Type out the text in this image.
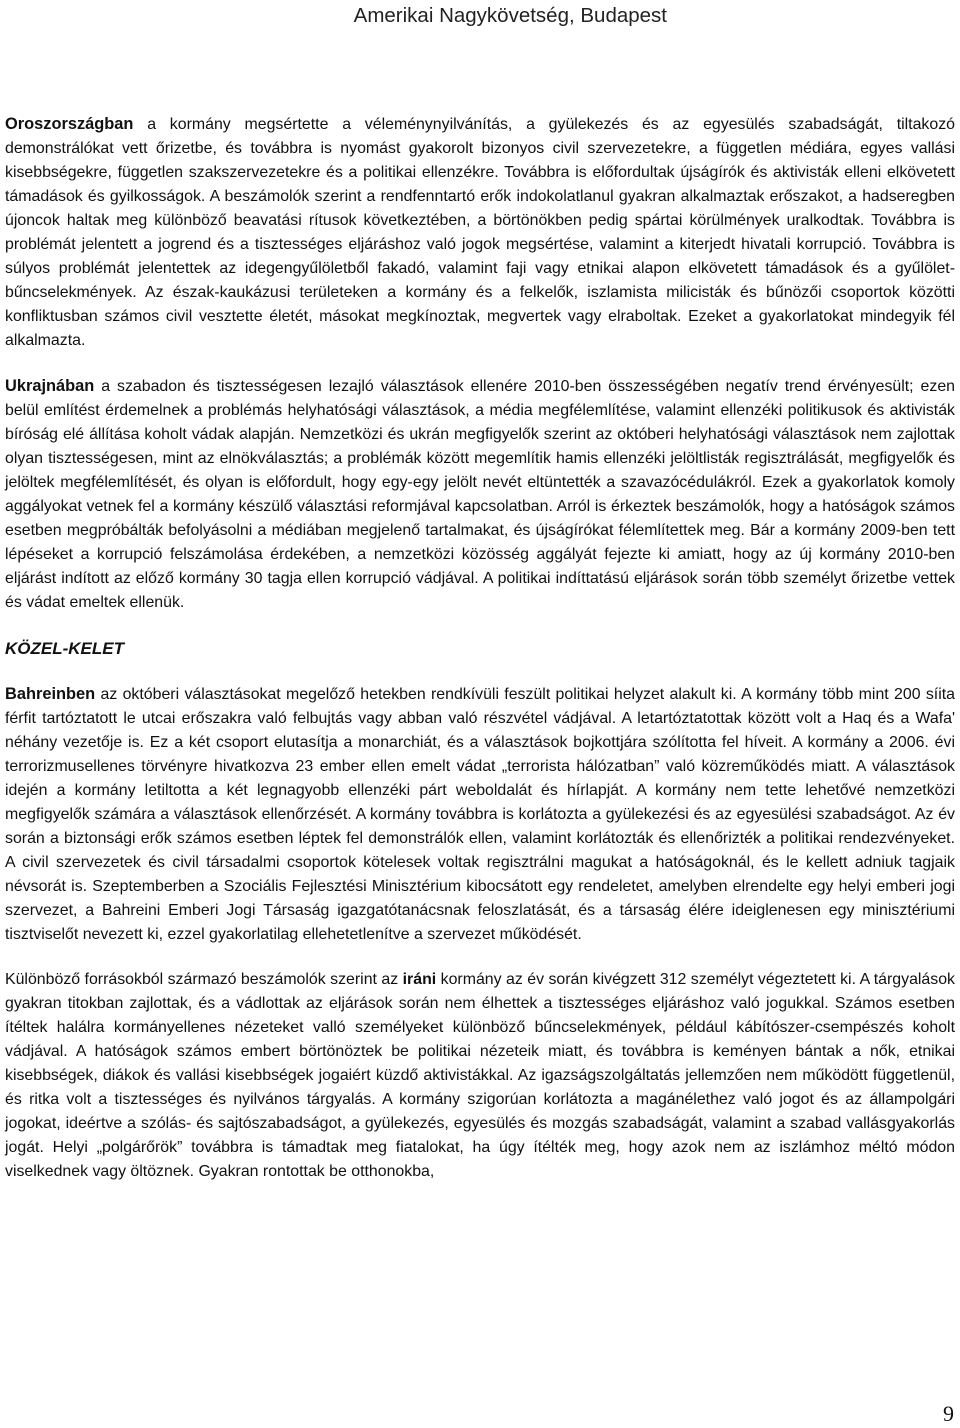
Amerikai Nagykövetség, Budapest

Oroszországban a kormány megsértette a véleménynyilvánítás, a gyülekezés és az egyesülés szabadságát, tiltakozó demonstrálókat vett őrizetbe, és továbbra is nyomást gyakorolt bizonyos civil szervezetekre, a független médiára, egyes vallási kisebbségekre, független szakszervezetekre és a politikai ellenzékre. Továbbra is előfordultak újságírók és aktivisták elleni elkövetett támadások és gyilkosságok. A beszámolók szerint a rendfenntartó erők indokolatlanul gyakran alkalmaztak erőszakot, a hadseregben újoncok haltak meg különböző beavatási rítusok következtében, a börtönökben pedig spártai körülmények uralkodtak. Továbbra is problémát jelentett a jogrend és a tisztességes eljáráshoz való jogok megsértése, valamint a kiterjedt hivatali korrupció. Továbbra is súlyos problémát jelentettek az idegengyűlöletből fakadó, valamint faji vagy etnikai alapon elkövetett támadások és a gyűlölet-bűncselekmények. Az észak-kaukázusi területeken a kormány és a felkelők, iszlamista milicisták és bűnözői csoportok közötti konfliktusban számos civil vesztette életét, másokat megkínoztak, megvertek vagy elraboltak. Ezeket a gyakorlatokat mindegyik fél alkalmazta.

Ukrajnában a szabadon és tisztességesen lezajló választások ellenére 2010-ben összességében negatív trend érvényesült; ezen belül említést érdemelnek a problémás helyhatósági választások, a média megfélemlítése, valamint ellenzéki politikusok és aktivisták bíróság elé állítása koholt vádak alapján. Nemzetközi és ukrán megfigyelők szerint az októberi helyhatósági választások nem zajlottak olyan tisztességesen, mint az elnökválasztás; a problémák között megemlítik hamis ellenzéki jelöltlisták regisztrálását, megfigyelők és jelöltek megfélemlítését, és olyan is előfordult, hogy egy-egy jelölt nevét eltüntették a szavazócédulákról. Ezek a gyakorlatok komoly aggályokat vetnek fel a kormány készülő választási reformjával kapcsolatban. Arról is érkeztek beszámolók, hogy a hatóságok számos esetben megpróbálták befolyásolni a médiában megjelenő tartalmakat, és újságírókat félemlítettek meg. Bár a kormány 2009-ben tett lépéseket a korrupció felszámolása érdekében, a nemzetközi közösség aggályát fejezte ki amiatt, hogy az új kormány 2010-ben eljárást indított az előző kormány 30 tagja ellen korrupció vádjával. A politikai indíttatású eljárások során több személyt őrizetbe vettek és vádat emeltek ellenük.

KÖZEL-KELET

Bahreinben az októberi választásokat megelőző hetekben rendkívüli feszült politikai helyzet alakult ki. A kormány több mint 200 síita férfit tartóztatott le utcai erőszakra való felbujtás vagy abban való részvétel vádjával. A letartóztatottak között volt a Haq és a Wafa' néhány vezetője is. Ez a két csoport elutasítja a monarchiát, és a választások bojkottjára szólította fel híveit. A kormány a 2006. évi terrorizmusellenes törvényre hivatkozva 23 ember ellen emelt vádat „terrorista hálózatban” való közreműködés miatt. A választások idején a kormány letiltotta a két legnagyobb ellenzéki párt weboldalát és hírlapját. A kormány nem tette lehetővé nemzetközi megfigyelők számára a választások ellenőrzését. A kormány továbbra is korlátozta a gyülekezési és az egyesülési szabadságot. Az év során a biztonsági erők számos esetben léptek fel demonstrálók ellen, valamint korlátozták és ellenőrizték a politikai rendezvényeket. A civil szervezetek és civil társadalmi csoportok kötelesek voltak regisztrálni magukat a hatóságoknál, és le kellett adniuk tagjaik névsorát is. Szeptemberben a Szociális Fejlesztési Minisztérium kibocsátott egy rendeletet, amelyben elrendelte egy helyi emberi jogi szervezet, a Bahreini Emberi Jogi Társaság igazgatótanácsnak feloszlatását, és a társaság élére ideiglenesen egy minisztériumi tisztviselőt nevezett ki, ezzel gyakorlatilag ellehetetlenítve a szervezet működését.

Különböző forrásokból származó beszámolók szerint az iráni kormány az év során kivégzett 312 személyt végeztetett ki. A tárgyalások gyakran titokban zajlottak, és a vádlottak az eljárások során nem élhettek a tisztességes eljáráshoz való jogukkal. Számos esetben ítéltek halálra kormányellenes nézeteket valló személyeket különböző bűncselekmények, például kábítószer-csempészés koholt vádjával. A hatóságok számos embert börtönöztek be politikai nézeteik miatt, és továbbra is keményen bántak a nők, etnikai kisebbségek, diákok és vallási kisebbségek jogaiért küzdő aktivistákkal. Az igazságszolgáltatás jellemzően nem működött függetlenül, és ritka volt a tisztességes és nyilvános tárgyalás. A kormány szigorúan korlátozta a magánélethez való jogot és az állampolgári jogokat, ideértve a szólás- és sajtószabadságot, a gyülekezés, egyesülés és mozgás szabadságát, valamint a szabad vallásgyakorlás jogát. Helyi „polgárőrök” továbbra is támadtak meg fiatalokat, ha úgy ítélték meg, hogy azok nem az iszlámhoz méltó módon viselkednek vagy öltöznek. Gyakran rontottak be otthonokba,

9
